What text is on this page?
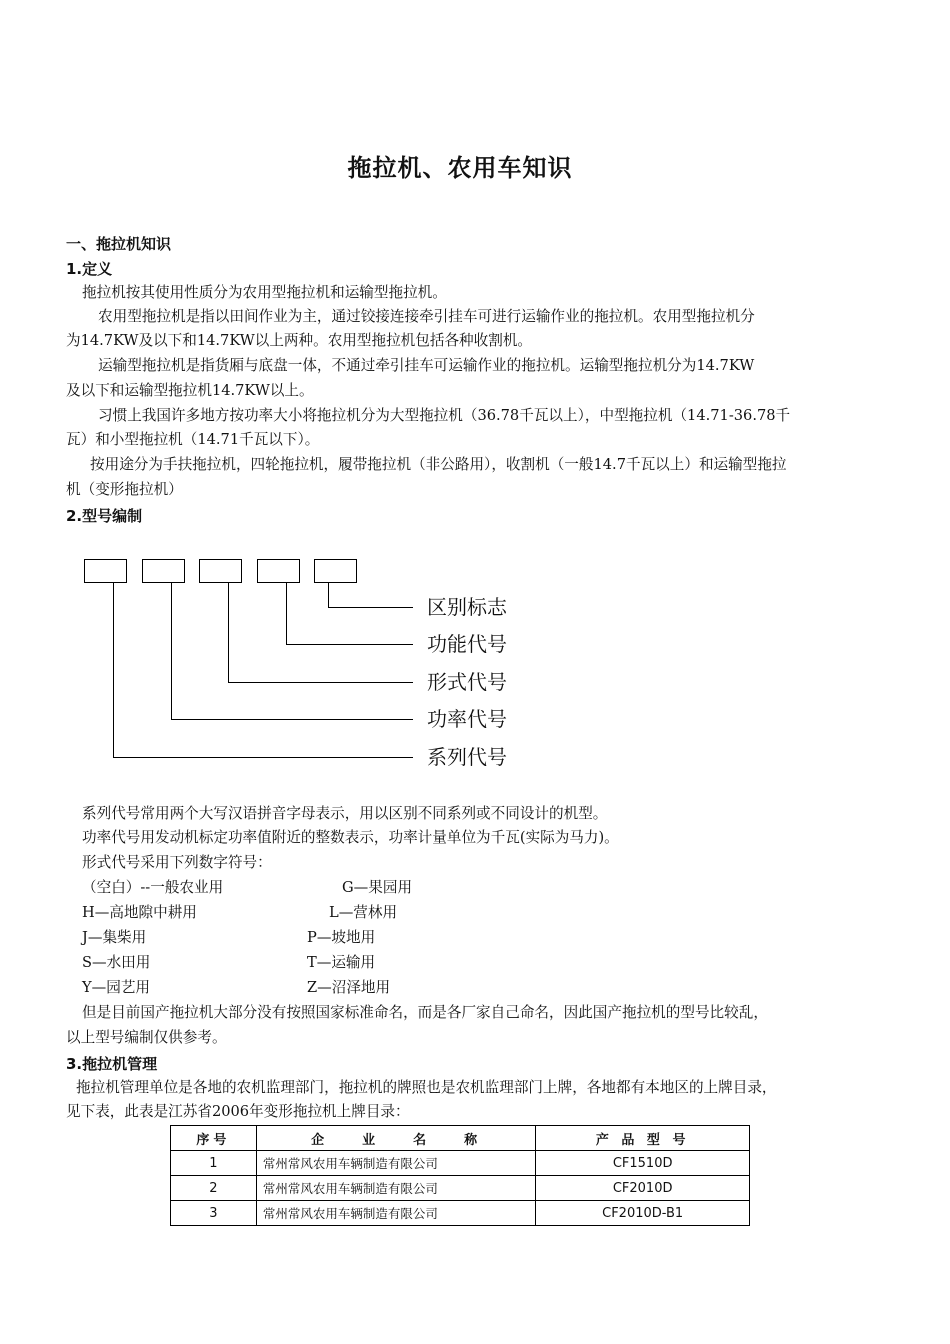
拖拉机、农用车知识
一、拖拉机知识
1.定义
拖拉机按其使用性质分为农用型拖拉机和运输型拖拉机。
农用型拖拉机是指以田间作业为主，通过铰接连接牵引挂车可进行运输作业的拖拉机。农用型拖拉机分
为14.7KW及以下和14.7KW以上两种。农用型拖拉机包括各种收割机。
运输型拖拉机是指货厢与底盘一体，不通过牵引挂车可运输作业的拖拉机。运输型拖拉机分为14.7KW
及以下和运输型拖拉机14.7KW以上。
习惯上我国许多地方按功率大小将拖拉机分为大型拖拉机（36.78千瓦以上），中型拖拉机（14.71-36.78千
瓦）和小型拖拉机（14.71千瓦以下）。
按用途分为手扶拖拉机，四轮拖拉机，履带拖拉机（非公路用），收割机（一般14.7千瓦以上）和运输型拖拉
机（变形拖拉机）
2.型号编制
区别标志
功能代号
形式代号
功率代号
系列代号
系列代号常用两个大写汉语拼音字母表示，用以区别不同系列或不同设计的机型。
功率代号用发动机标定功率值附近的整数表示，功率计量单位为千瓦(实际为马力)。
形式代号采用下列数字符号：
（空白）--一般农业用
H—高地隙中耕用
J—集柴用
S—水田用
Y—园艺用
G—果园用
L—营林用
P—坡地用
T—运输用
Z—沼泽地用
但是目前国产拖拉机大部分没有按照国家标准命名，而是各厂家自己命名，因此国产拖拉机的型号比较乱，
以上型号编制仅供参考。
3.拖拉机管理
拖拉机管理单位是各地的农机监理部门，拖拉机的牌照也是农机监理部门上牌，各地都有本地区的上牌目录，
见下表，此表是江苏省2006年变形拖拉机上牌目录：
序号	企　　业　　名　　称	产 品 型 号
1	常州常风农用车辆制造有限公司	CF1510D
2	常州常风农用车辆制造有限公司	CF2010D
3	常州常风农用车辆制造有限公司	CF2010D-B1
